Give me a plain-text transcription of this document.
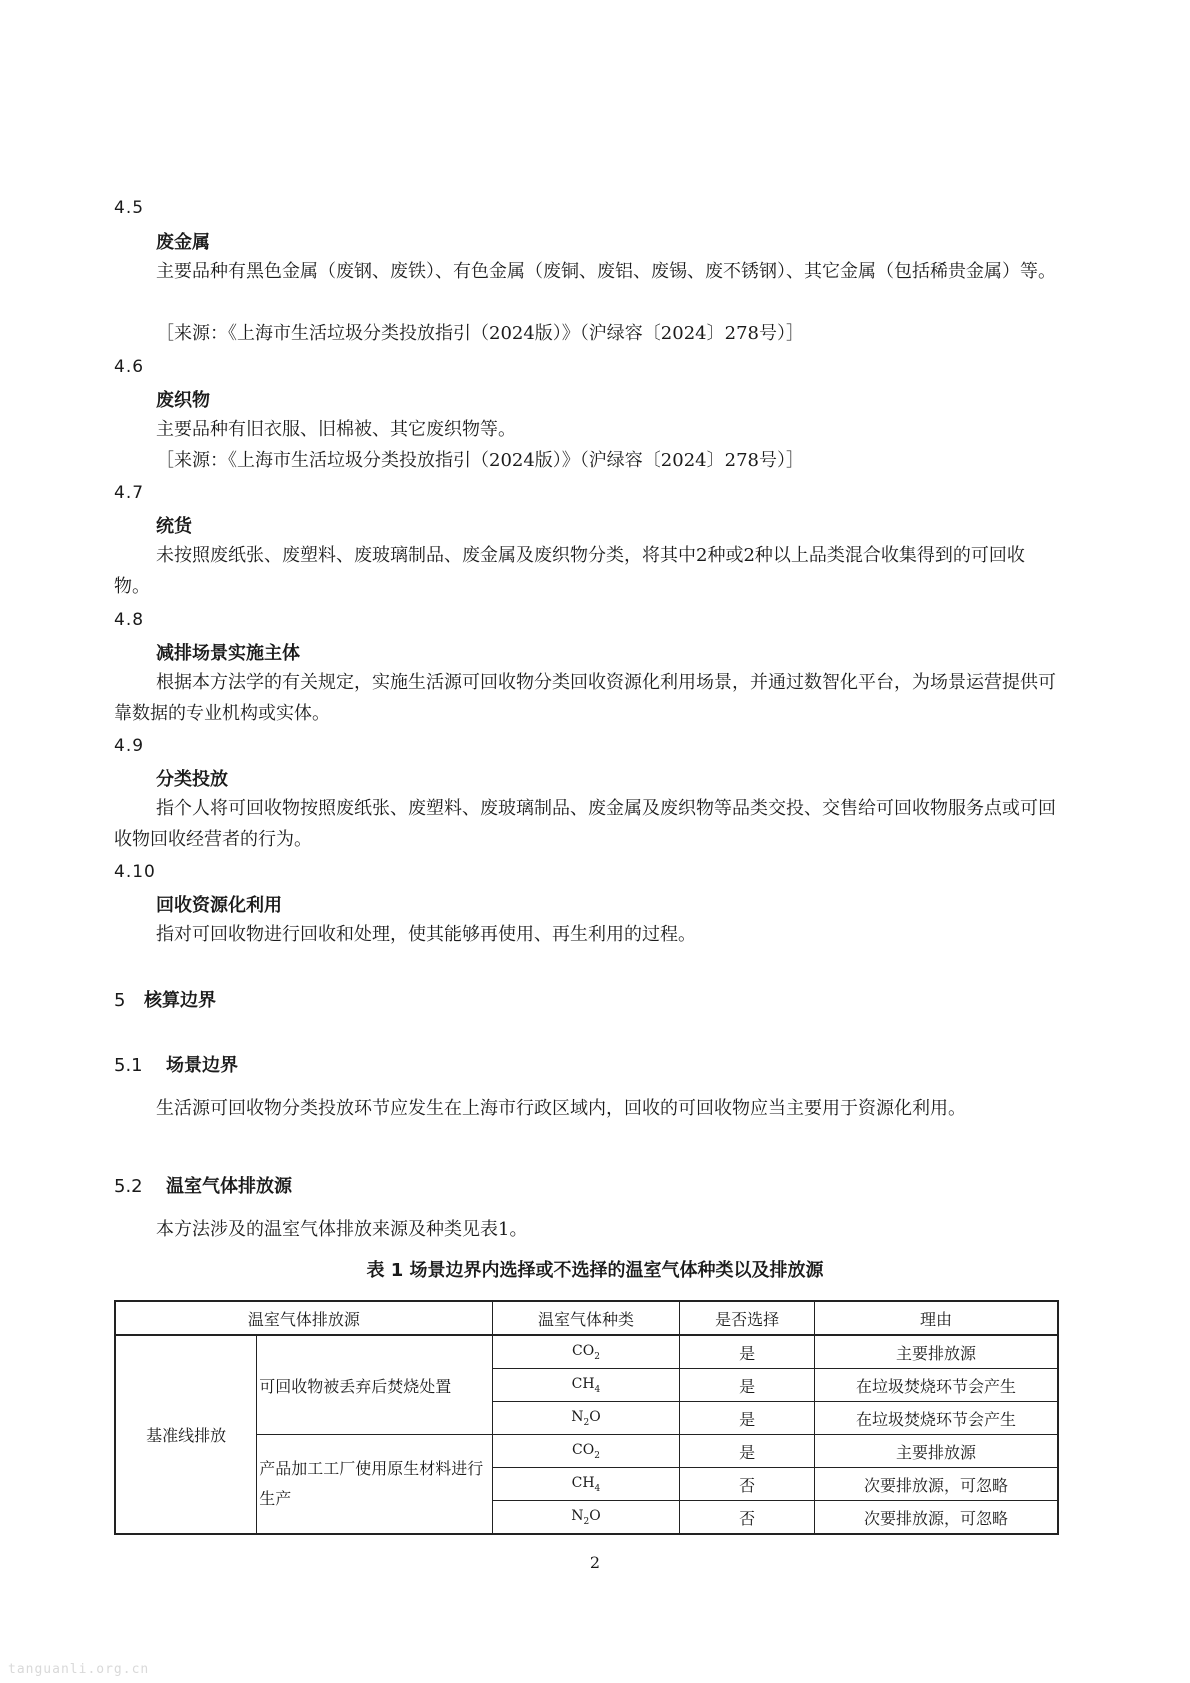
4.5
废金属
主要品种有黑色金属（废钢、废铁）、有色金属（废铜、废铝、废锡、废不锈钢）、其它金属（包括稀贵金属）等。
［来源：《上海市生活垃圾分类投放指引（2024版）》（沪绿容〔2024〕278号）］
4.6
废织物
主要品种有旧衣服、旧棉被、其它废织物等。
［来源：《上海市生活垃圾分类投放指引（2024版）》（沪绿容〔2024〕278号）］
4.7
统货
未按照废纸张、废塑料、废玻璃制品、废金属及废织物分类，将其中2种或2种以上品类混合收集得到的可回收物。
4.8
减排场景实施主体
根据本方法学的有关规定，实施生活源可回收物分类回收资源化利用场景，并通过数智化平台，为场景运营提供可靠数据的专业机构或实体。
4.9
分类投放
指个人将可回收物按照废纸张、废塑料、废玻璃制品、废金属及废织物等品类交投、交售给可回收物服务点或可回收物回收经营者的行为。
4.10
回收资源化利用
指对可回收物进行回收和处理，使其能够再使用、再生利用的过程。
5 核算边界
5.1 场景边界
生活源可回收物分类投放环节应发生在上海市行政区域内，回收的可回收物应当主要用于资源化利用。
5.2 温室气体排放源
本方法涉及的温室气体排放来源及种类见表1。
表 1 场景边界内选择或不选择的温室气体种类以及排放源
温室气体排放源		温室气体种类	是否选择	理由
基准线排放	可回收物被丢弃后焚烧处置	$CO_2$	是	主要排放源
		$CH_4$	是	在垃圾焚烧环节会产生
		$N_2O$	是	在垃圾焚烧环节会产生
	产品加工工厂使用原生材料进行生产	$CO_2$	是	主要排放源
		$CH_4$	否	次要排放源，可忽略
		$N_2O$	否	次要排放源，可忽略
2
tanguanli.org.cn
